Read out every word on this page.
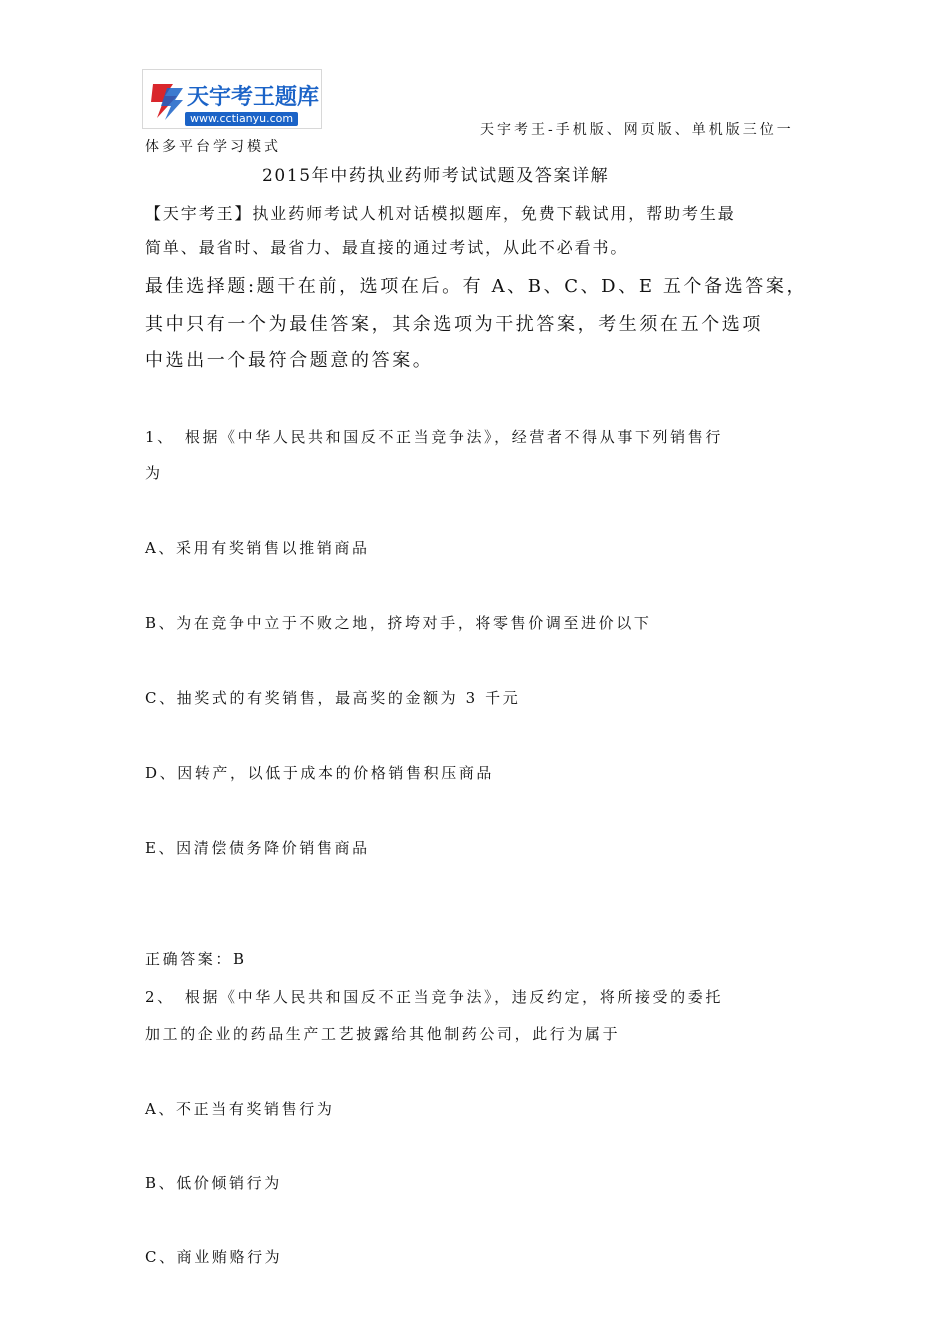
天宇考王题库
www.cctianyu.com
天宇考王-手机版、网页版、单机版三位一
体多平台学习模式
2015年中药执业药师考试试题及答案详解
【天宇考王】执业药师考试人机对话模拟题库，免费下载试用，帮助考生最
简单、最省时、最省力、最直接的通过考试，从此不必看书。
最佳选择题:题干在前，选项在后。有 A、B、C、D、E 五个备选答案，
其中只有一个为最佳答案，其余选项为干扰答案，考生须在五个选项
中选出一个最符合题意的答案。
1、　根据《中华人民共和国反不正当竞争法》，经营者不得从事下列销售行
为
A、采用有奖销售以推销商品
B、为在竞争中立于不败之地，挤垮对手，将零售价调至进价以下
C、抽奖式的有奖销售，最高奖的金额为 3 千元
D、因转产，以低于成本的价格销售积压商品
E、因清偿债务降价销售商品
正确答案：B
2、　根据《中华人民共和国反不正当竞争法》，违反约定，将所接受的委托
加工的企业的药品生产工艺披露给其他制药公司，此行为属于
A、不正当有奖销售行为
B、低价倾销行为
C、商业贿赂行为
